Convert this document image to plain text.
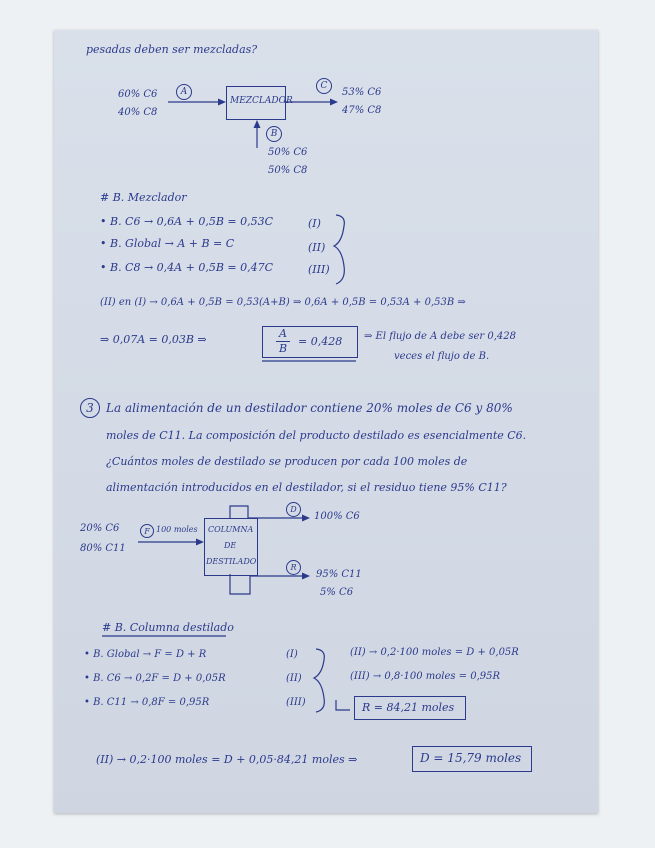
pesadas deben ser mezcladas?
60% C6
40% C8
A
MEZCLADOR
C
53% C6
47% C8
B
50% C6
50% C8
# B. Mezclador
• B. C6 → 0,6A + 0,5B = 0,53C	(I)
• B. Global → A + B = C	(II)
• B. C8 → 0,4A + 0,5B = 0,47C	(III)
(II) en (I) → 0,6A + 0,5B = 0,53(A+B) ⇒ 0,6A + 0,5B = 0,53A + 0,53B ⇒
⇒ 0,07A = 0,03B ⇒	A
B
= 0,428 ⇒ El flujo de A debe ser 0,428
veces el flujo de B.
3	La alimentación de un destilador contiene 20% moles de C6 y 80%
moles de C11. La composición del producto destilado es esencialmente C6.
¿Cuántos moles de destilado se producen por cada 100 moles de
alimentación introducidos en el destilador, si el residuo tiene 95% C11?
20% C6
80% C11
F 100 moles COLUMNA
DE
DESTILADO
D
100% C6
R
95% C11
5% C6
# B. Columna destilado
• B. Global → F = D + R	(I)
• B. C6 → 0,2F = D + 0,05R	(II)
• B. C11 → 0,8F = 0,95R	(III)
(II) → 0,2·100 moles = D + 0,05R
(III) → 0,8·100 moles = 0,95R
R = 84,21 moles
(II) → 0,2·100 moles = D + 0,05·84,21 moles ⇒	D = 15,79 moles
